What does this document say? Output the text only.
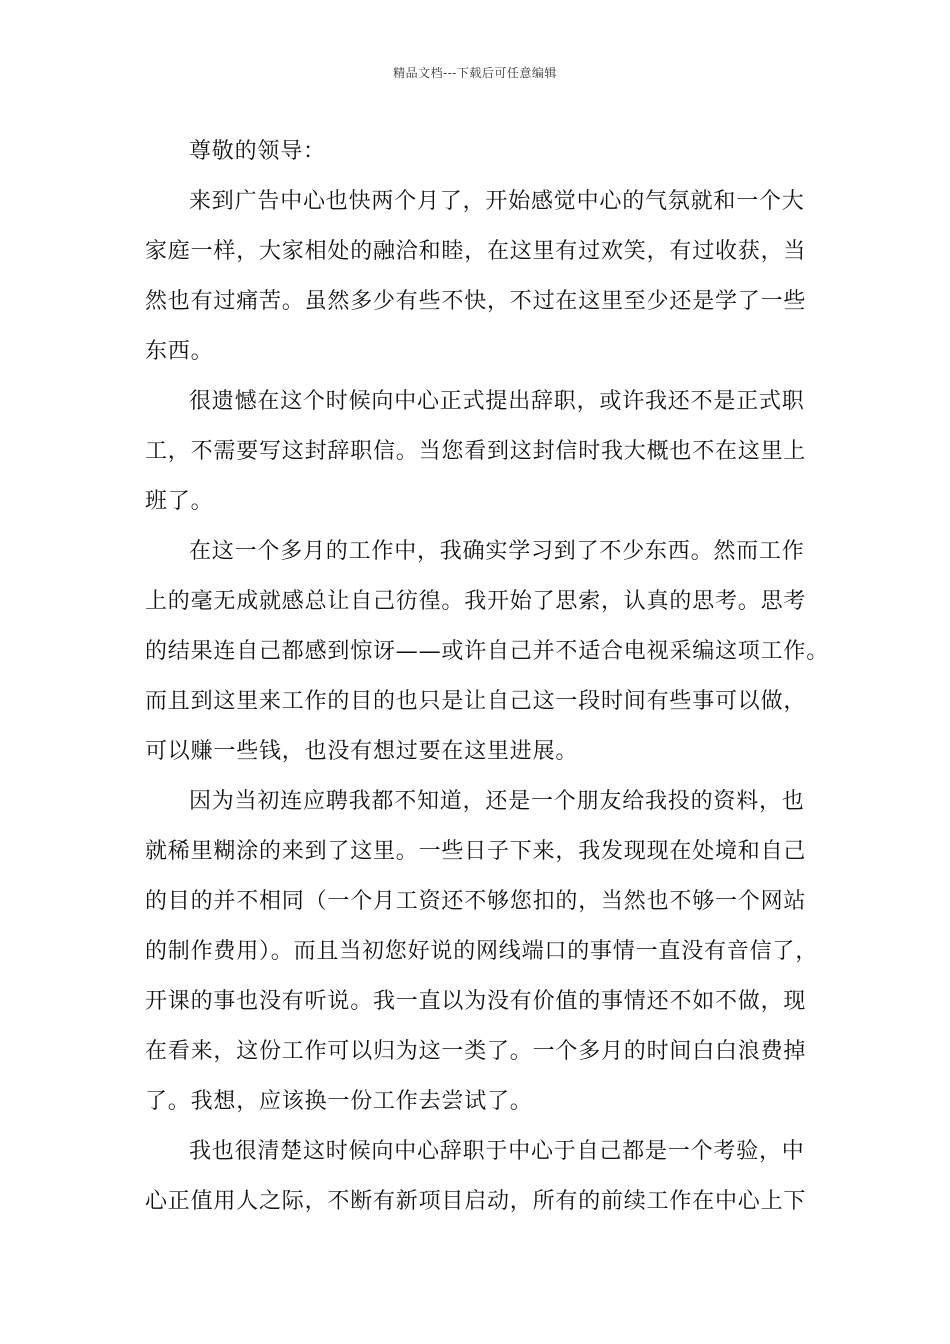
精品文档---下载后可任意编辑
尊敬的领导：
来到广告中心也快两个月了，开始感觉中心的气氛就和一个大
家庭一样，大家相处的融洽和睦，在这里有过欢笑，有过收获，当
然也有过痛苦。虽然多少有些不快，不过在这里至少还是学了一些
东西。
很遗憾在这个时候向中心正式提出辞职，或许我还不是正式职
工，不需要写这封辞职信。当您看到这封信时我大概也不在这里上
班了。
在这一个多月的工作中，我确实学习到了不少东西。然而工作
上的毫无成就感总让自己彷徨。我开始了思索，认真的思考。思考
的结果连自己都感到惊讶——或许自己并不适合电视采编这项工作。
而且到这里来工作的目的也只是让自己这一段时间有些事可以做，
可以赚一些钱，也没有想过要在这里进展。
因为当初连应聘我都不知道，还是一个朋友给我投的资料，也
就稀里糊涂的来到了这里。一些日子下来，我发现现在处境和自己
的目的并不相同（一个月工资还不够您扣的，当然也不够一个网站
的制作费用）。而且当初您好说的网线端口的事情一直没有音信了，
开课的事也没有听说。我一直以为没有价值的事情还不如不做，现
在看来，这份工作可以归为这一类了。一个多月的时间白白浪费掉
了。我想，应该换一份工作去尝试了。
我也很清楚这时候向中心辞职于中心于自己都是一个考验，中
心正值用人之际，不断有新项目启动，所有的前续工作在中心上下
